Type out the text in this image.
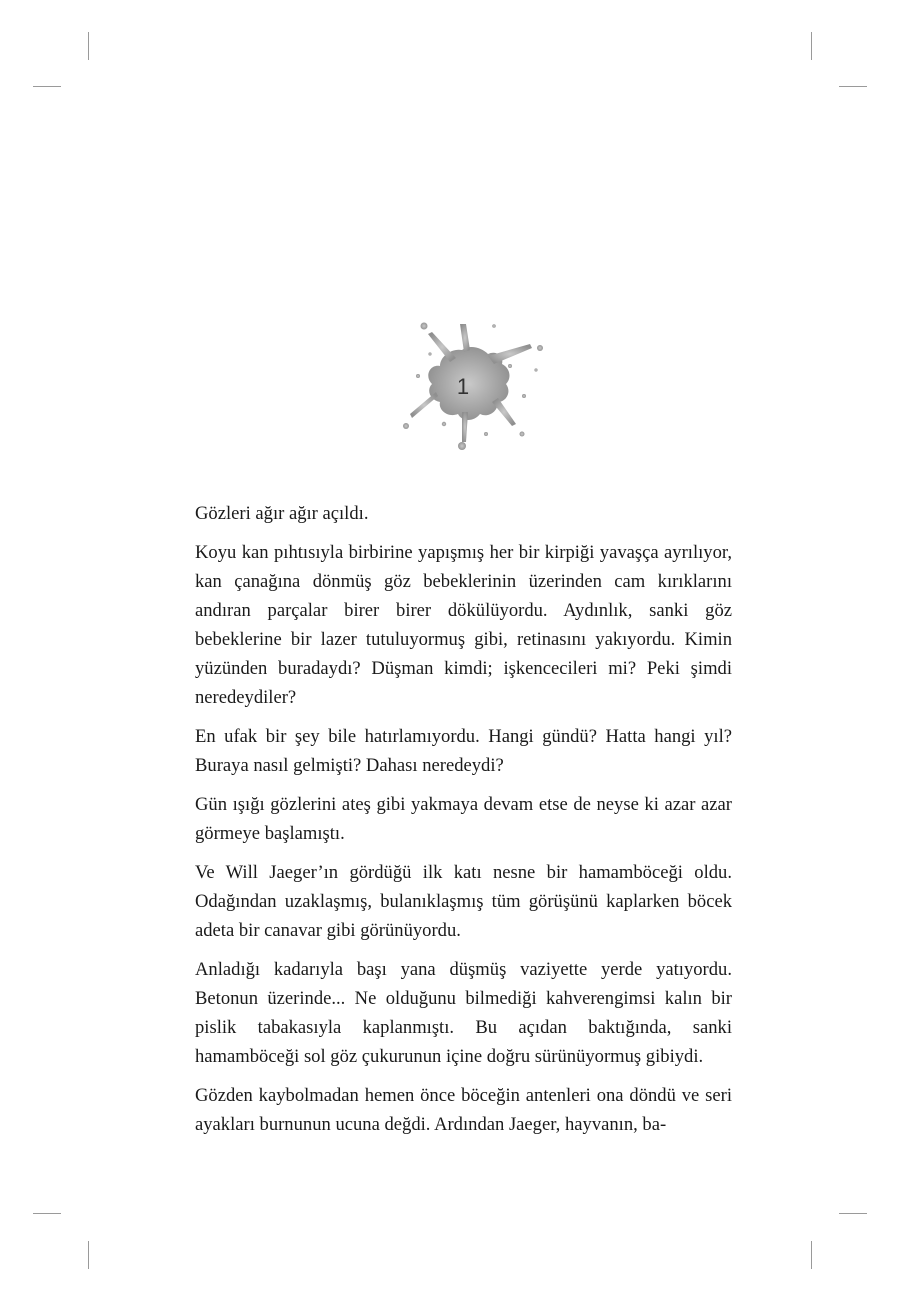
1

Gözleri ağır ağır açıldı.

Koyu kan pıhtısıyla birbirine yapışmış her bir kirpiği yavaşça ayrılıyor, kan çanağına dönmüş göz bebeklerinin üzerinden cam kırıklarını andıran parçalar birer birer dökülüyordu. Aydınlık, sanki göz bebeklerine bir lazer tutuluyormuş gibi, retinasını yakıyordu. Kimin yüzünden buradaydı? Düşman kimdi; işkencecileri mi? Peki şimdi neredeydiler?

En ufak bir şey bile hatırlamıyordu. Hangi gündü? Hatta hangi yıl? Buraya nasıl gelmişti? Dahası neredeydi?

Gün ışığı gözlerini ateş gibi yakmaya devam etse de neyse ki azar azar görmeye başlamıştı.

Ve Will Jaeger’ın gördüğü ilk katı nesne bir hamamböceği oldu. Odağından uzaklaşmış, bulanıklaşmış tüm görüşünü kaplarken böcek adeta bir canavar gibi görünüyordu.

Anladığı kadarıyla başı yana düşmüş vaziyette yerde yatıyordu. Betonun üzerinde... Ne olduğunu bilmediği kahverengimsi kalın bir pislik tabakasıyla kaplanmıştı. Bu açıdan baktığında, sanki hamamböceği sol göz çukurunun içine doğru sürünüyormuş gibiydi.

Gözden kaybolmadan hemen önce böceğin antenleri ona döndü ve seri ayakları burnunun ucuna değdi. Ardından Jaeger, hayvanın, ba-
